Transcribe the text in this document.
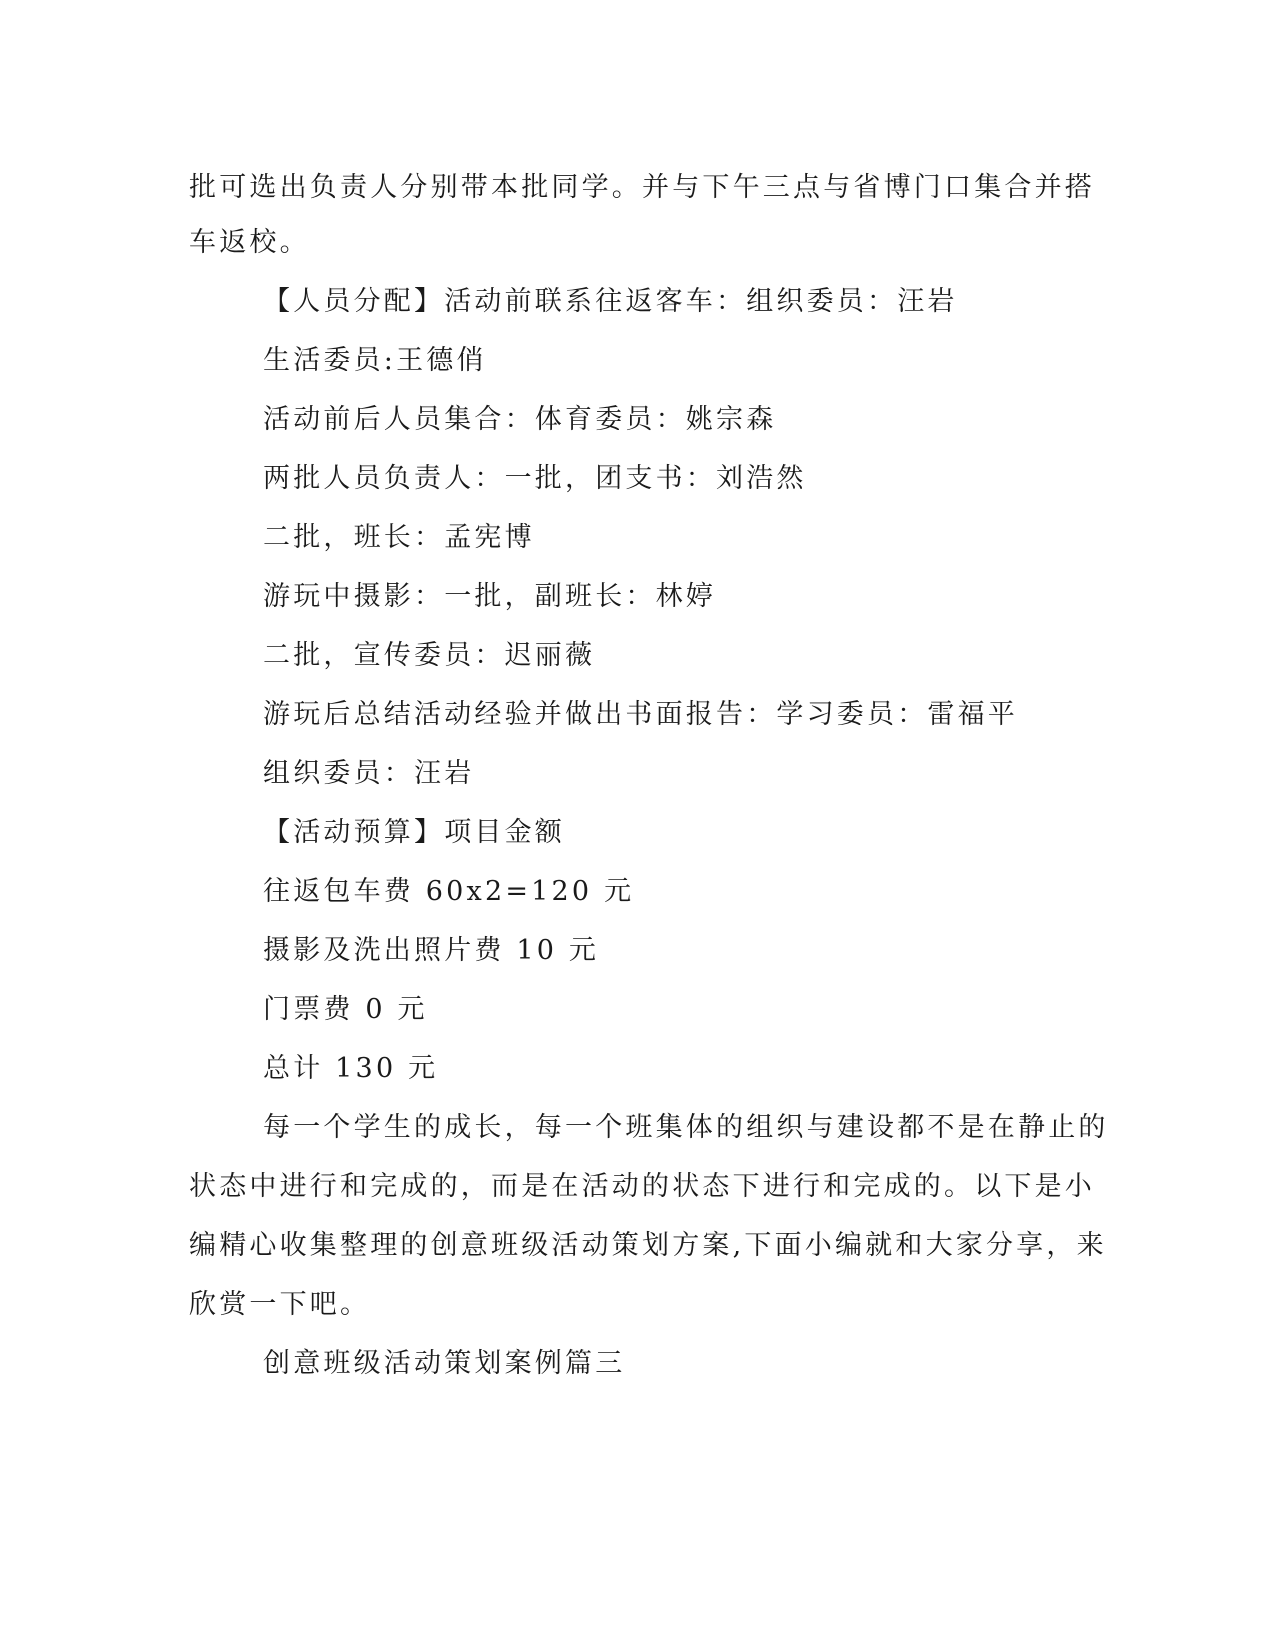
批可选出负责人分别带本批同学。并与下午三点与省博门口集合并搭
车返校。
【人员分配】活动前联系往返客车：组织委员：汪岩
生活委员:王德俏
活动前后人员集合：体育委员：姚宗森
两批人员负责人：一批，团支书：刘浩然
二批，班长：孟宪博
游玩中摄影：一批，副班长：林婷
二批，宣传委员：迟丽薇
游玩后总结活动经验并做出书面报告：学习委员：雷福平
组织委员：汪岩
【活动预算】项目金额
往返包车费 60x2=120 元
摄影及洗出照片费 10 元
门票费 0 元
总计 130 元
每一个学生的成长，每一个班集体的组织与建设都不是在静止的
状态中进行和完成的，而是在活动的状态下进行和完成的。以下是小
编精心收集整理的创意班级活动策划方案,下面小编就和大家分享，来
欣赏一下吧。
创意班级活动策划案例篇三
